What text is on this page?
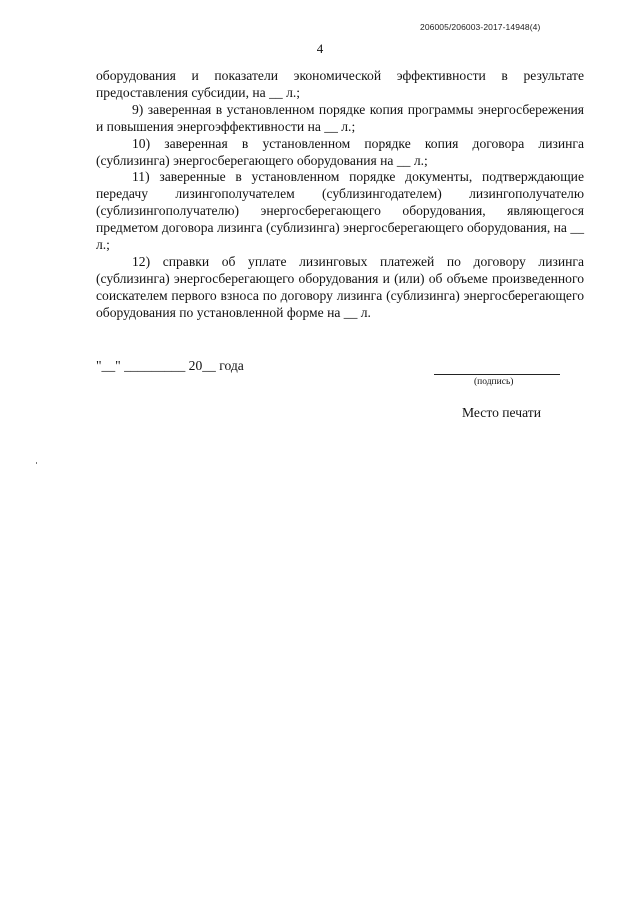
206005/206003-2017-14948(4)
4

оборудования и показатели экономической эффективности в результате предоставления субсидии, на __ л.;

9) заверенная в установленном порядке копия программы энергосбережения и повышения энергоэффективности на __ л.;

10) заверенная в установленном порядке копия договора лизинга (сублизинга) энергосберегающего оборудования на __ л.;

11) заверенные в установленном порядке документы, подтверждающие передачу лизингополучателем (сублизингодателем) лизингополучателю (сублизингополучателю) энергосберегающего оборудования, являющегося предметом договора лизинга (сублизинга) энергосберегающего оборудования, на __ л.;

12) справки об уплате лизинговых платежей по договору лизинга (сублизинга) энергосберегающего оборудования и (или) об объеме произведенного соискателем первого взноса по договору лизинга (сублизинга) энергосберегающего оборудования по установленной форме на __ л.

"__" _________ 20__ года
(подпись)
Место печати
